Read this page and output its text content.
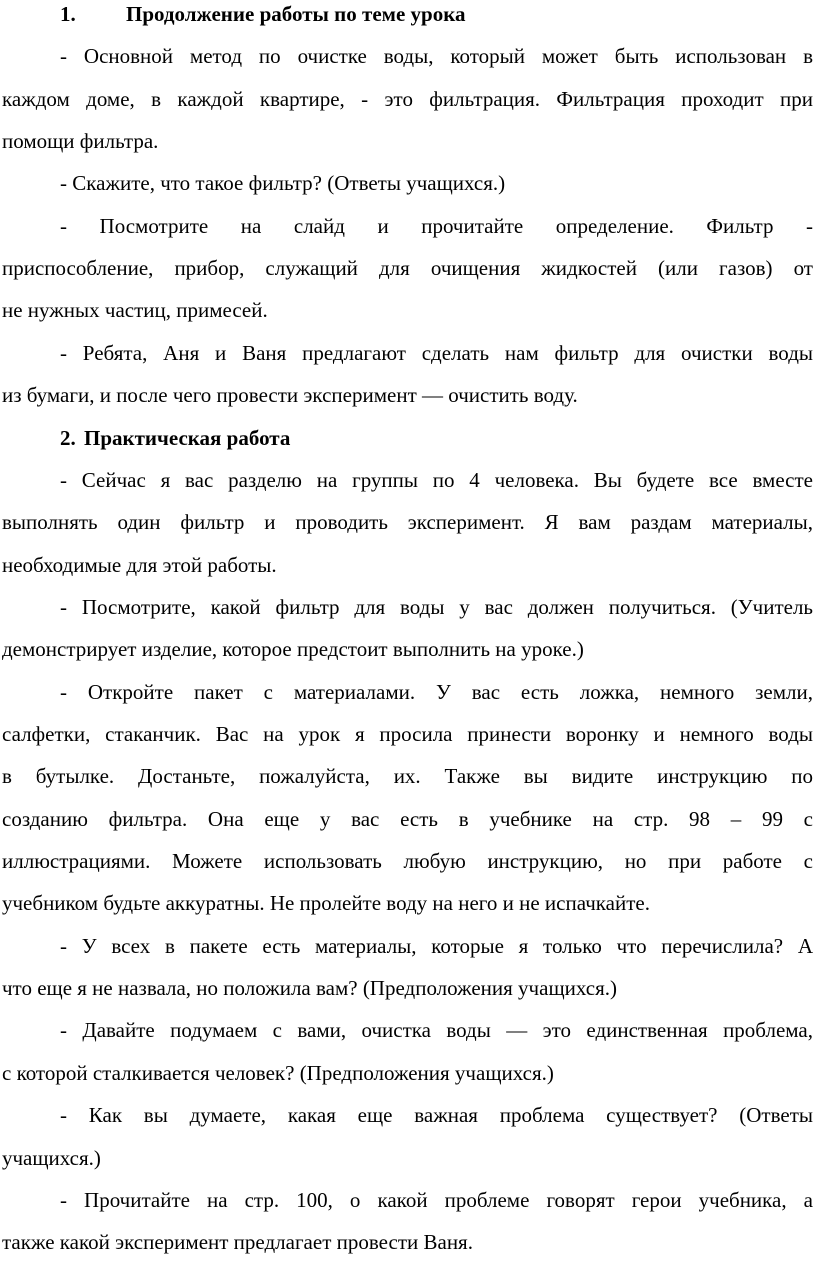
1. Продолжение работы по теме урока
- Основной метод по очистке воды, который может быть использован в
каждом доме, в каждой квартире, - это фильтрация. Фильтрация проходит при
помощи фильтра.
- Скажите, что такое фильтр? (Ответы учащихся.)
- Посмотрите на слайд и прочитайте определение. Фильтр -
приспособление, прибор, служащий для очищения жидкостей (или газов) от
не нужных частиц, примесей.
- Ребята, Аня и Ваня предлагают сделать нам фильтр для очистки воды
из бумаги, и после чего провести эксперимент — очистить воду.
2. Практическая работа
- Сейчас я вас разделю на группы по 4 человека. Вы будете все вместе
выполнять один фильтр и проводить эксперимент. Я вам раздам материалы,
необходимые для этой работы.
- Посмотрите, какой фильтр для воды у вас должен получиться. (Учитель
демонстрирует изделие, которое предстоит выполнить на уроке.)
- Откройте пакет с материалами. У вас есть ложка, немного земли,
салфетки, стаканчик. Вас на урок я просила принести воронку и немного воды
в бутылке. Достаньте, пожалуйста, их. Также вы видите инструкцию по
созданию фильтра. Она еще у вас есть в учебнике на стр. 98 – 99 с
иллюстрациями. Можете использовать любую инструкцию, но при работе с
учебником будьте аккуратны. Не пролейте воду на него и не испачкайте.
- У всех в пакете есть материалы, которые я только что перечислила? А
что еще я не назвала, но положила вам? (Предположения учащихся.)
- Давайте подумаем с вами, очистка воды — это единственная проблема,
с которой сталкивается человек? (Предположения учащихся.)
- Как вы думаете, какая еще важная проблема существует? (Ответы
учащихся.)
- Прочитайте на стр. 100, о какой проблеме говорят герои учебника, а
также какой эксперимент предлагает провести Ваня.
